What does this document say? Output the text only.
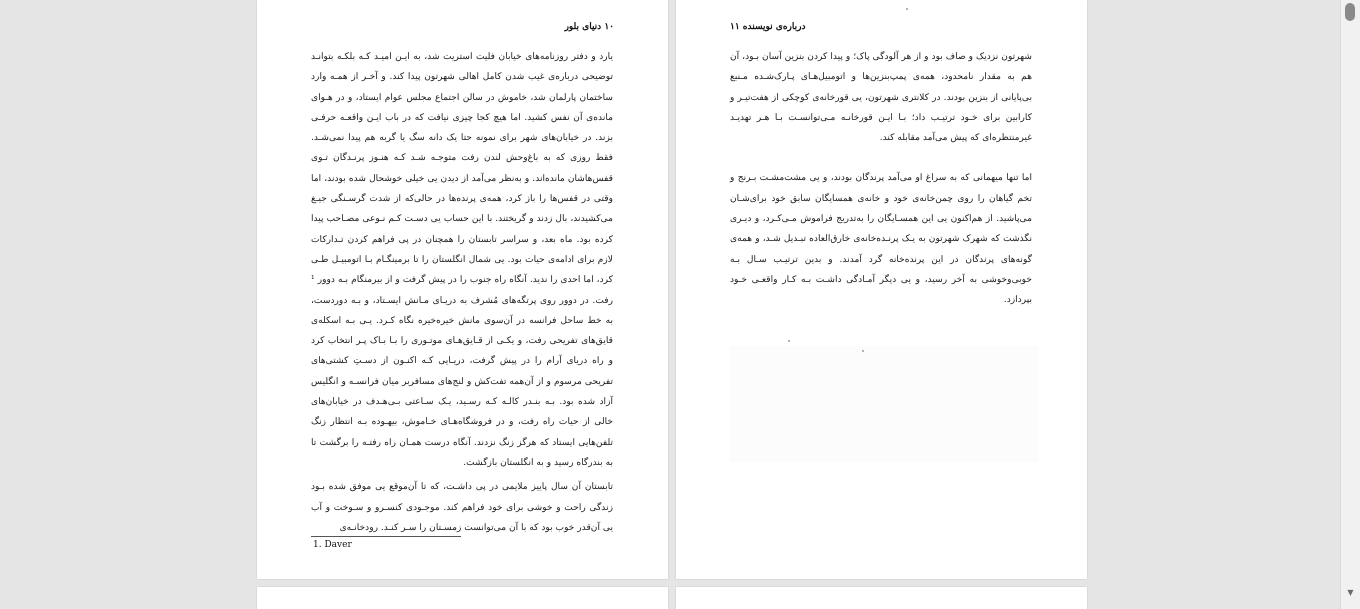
۱۰ دنیای بلور

یارد و دفتر روزنامه‌های خیابان فلیت استریت شد، به ایـن امیـد کـه بلکـه بتوانـد توضیحی درباره‌ی غیب شدن کامل اهالی شهرتون پیدا کند. و آخـر از همـه وارد ساختمان پارلمان شد، خاموش در سالن اجتماع مجلس عوام ایستاد، و در هـوای مانده‌ی آن نفس کشید. اما هیچ کجا چیزی نیافت که در باب ایـن واقعـه حرفـی بزند. در خیابان‌های شهر برای نمونه حتا یک دانه سگ یا گربه هم پیدا نمی‌شـد. فقط روزی که به باغ‌وحش لندن رفت متوجـه شـد کـه هنـوز پرنـدگان تـوی قفس‌هاشان مانده‌اند. و به‌نظر می‌آمد از دیدن یی خیلی خوشحال شده بودند، اما وقتی در قفس‌ها را باز کرد، همه‌ی پرنده‌ها در حالی‌که از شدت گرسـنگی جیـغ می‌کشیدند، بال زدند و گریختند. با این حساب یی دسـت کـم نـوعی مصـاحب پیدا کرده بود. ماه بعد، و سراسر تابستان را همچنان در پی فراهم کردن تـدارکات لازم برای ادامه‌ی حیات بود. یی شمال انگلستان را تا برمینگـام بـا اتومبیـل طـی کرد، اما احدی را ندید. آنگاه راه جنوب را در پیش گرفت و از بیرمنگام بـه دوور ¹ رفت. در دوور روی پرتگه‌های مُشرف به دریـای مـانش ایسـتاد، و بـه دوردست، به خط ساحل فرانسه در آن‌سوی مانش خیره‌خیره نگاه کـرد. یـی بـه اسکله‌ی قایق‌های تفریحی رفت، و یکـی از قـایق‌هـای موتـوری را بـا بـاک پـر انتخاب کرد و راه دریای آرام را در پیش گرفت، دریـایی کـه اکنـون از دسـتِ کشتی‌های تفریحی مرسوم و از آن‌همه تفت‌کش و لنج‌های مسافربر میان فرانسـه و انگلیس آزاد شده بود. بـه بنـدر کالـه کـه رسـید، یـک سـاعتی بـی‌هـدف در خیابان‌های خالی از حیات راه رفت، و در فروشگاه‌هـای خـاموش، بیهـوده بـه انتظار زنگ تلفن‌هایی ایستاد که هرگز زنگ نزدند. آنگاه درست همـان راه رفتـه را برگشت تا به بندرگاه رسید و به انگلستان بازگشت.

تابستان آن سال پاییز ملایمی در پی داشـت، که تا آن‌موقع یی موفق شده بـود زندگی راحت و خوشی برای خود فراهم کند. موجـودی کنسـرو و سـوخت و آب یی آن‌قدر خوب بود که با آن می‌توانست زمسـتان را سـر کنـد. رودخانـه‌ی

1. Daver
درباره‌ی نویسنده ۱۱

شهرتون نزدیک و صاف بود و از هر آلودگی پاک؛ و پیدا کردن بنزین آسان بـود، آن هم به مقدار نامحدود، همه‌ی پمپ‌بنزین‌ها و اتومبیل‌هـای پـارک‌شـده مـنبع بی‌پایانی از بنزین بودند. در کلانتری شهرتون، یی قورخانه‌ی کوچکی از هفت‌تیـر و کارابین برای خـود ترتیـب داد؛ بـا ایـن قورخانـه مـی‌توانسـت بـا هـر تهدیـد غیرمنتظره‌ای که پیش می‌آمد مقابله کند.

اما تنها میهمانی که به سراغ او می‌آمد پرندگان بودند، و یی مشت‌مشـت بـرنج و تخم گیاهان را روی چمن‌خانه‌ی خود و خانه‌ی همسایگان سابق خود برای‌شـان می‌پاشید. از هم‌اکنون یی این همسـایگان را به‌تدریج فراموش مـی‌کـرد، و دیـری نگذشت که شهرک شهرتون به یـک پرنـده‌خانه‌ی خارق‌العاده تبـدیل شـد، و همه‌ی گونه‌های پرندگان در این پرنده‌خانه گرد آمدند. و بدین ترتیـب سـال بـه خوبی‌وخوشی به آخر رسید، و یی دیگر آمـادگی داشـت بـه کـار واقعـی خـود بپردازد.

▼
